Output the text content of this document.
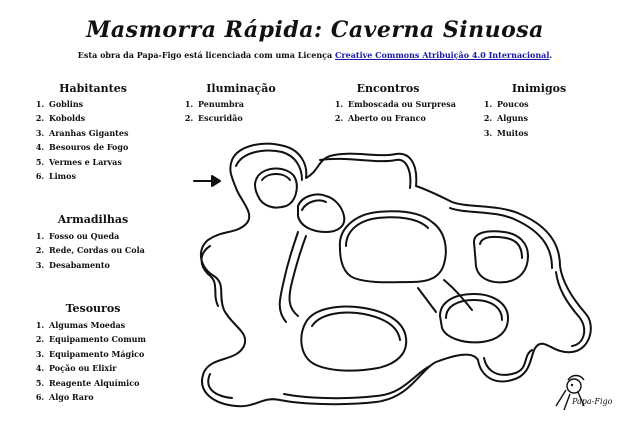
Masmorra Rápida: Caverna Sinuosa
Esta obra da Papa-Figo está licenciada com uma Licença Creative Commons Atribuição 4.0 Internacional.
Habitantes
1. Goblins
2. Kobolds
3. Aranhas Gigantes
4. Besouros de Fogo
5. Vermes e Larvas
6. Limos
Iluminação
1. Penumbra
2. Escuridão
Encontros
1. Emboscada ou Surpresa
2. Aberto ou Franco
Inimigos
1. Poucos
2. Alguns
3. Muitos
Armadilhas
1. Fosso ou Queda
2. Rede, Cordas ou Cola
3. Desabamento
Tesouros
1. Algumas Moedas
2. Equipamento Comum
3. Equipamento Mágico
4. Poção ou Elixir
5. Reagente Alquímico
6. Algo Raro	Papa-Figo
